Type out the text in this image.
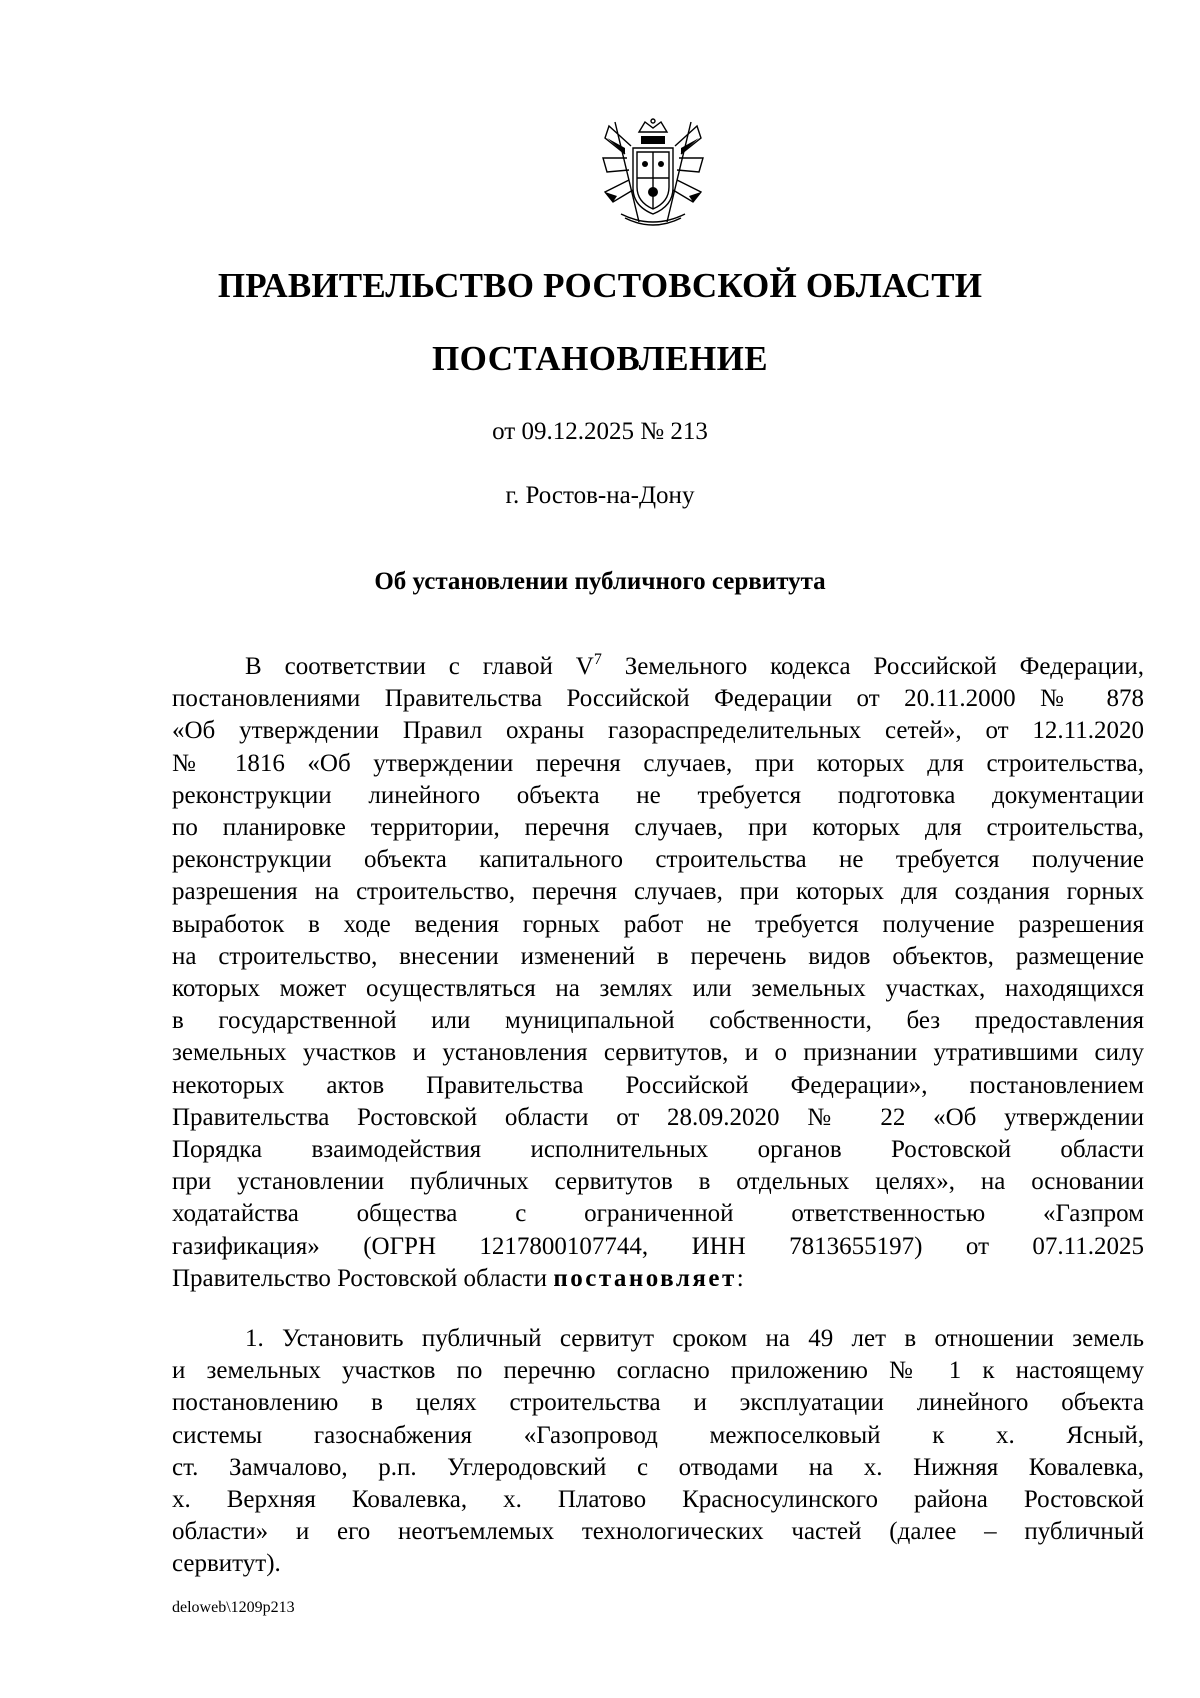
ПРАВИТЕЛЬСТВО РОСТОВСКОЙ ОБЛАСТИ
ПОСТАНОВЛЕНИЕ
от 09.12.2025 № 213
г. Ростов-на-Дону
Об установлении публичного сервитута
В соответствии с главой $V^7$ Земельного кодекса Российской Федерации,
постановлениями Правительства Российской Федерации от 20.11.2000 № 878
«Об утверждении Правил охраны газораспределительных сетей», от 12.11.2020
№ 1816 «Об утверждении перечня случаев, при которых для строительства,
реконструкции линейного объекта не требуется подготовка документации
по планировке территории, перечня случаев, при которых для строительства,
реконструкции объекта капитального строительства не требуется получение
разрешения на строительство, перечня случаев, при которых для создания горных
выработок в ходе ведения горных работ не требуется получение разрешения
на строительство, внесении изменений в перечень видов объектов, размещение
которых может осуществляться на землях или земельных участках, находящихся
в государственной или муниципальной собственности, без предоставления
земельных участков и установления сервитутов, и о признании утратившими силу
некоторых актов Правительства Российской Федерации», постановлением
Правительства Ростовской области от 28.09.2020 № 22 «Об утверждении
Порядка взаимодействия исполнительных органов Ростовской области
при установлении публичных сервитутов в отдельных целях», на основании
ходатайства общества с ограниченной ответственностью «Газпром
газификация» (ОГРН 1217800107744, ИНН 7813655197) от 07.11.2025
Правительство Ростовской области постановляет:
1. Установить публичный сервитут сроком на 49 лет в отношении земель
и земельных участков по перечню согласно приложению № 1 к настоящему
постановлению в целях строительства и эксплуатации линейного объекта
системы газоснабжения «Газопровод межпоселковый к х. Ясный,
ст. Замчалово, р.п. Углеродовский с отводами на х. Нижняя Ковалевка,
х. Верхняя Ковалевка, х. Платово Красносулинского района Ростовской
области» и его неотъемлемых технологических частей (далее – публичный
сервитут).
deloweb\1209p213
